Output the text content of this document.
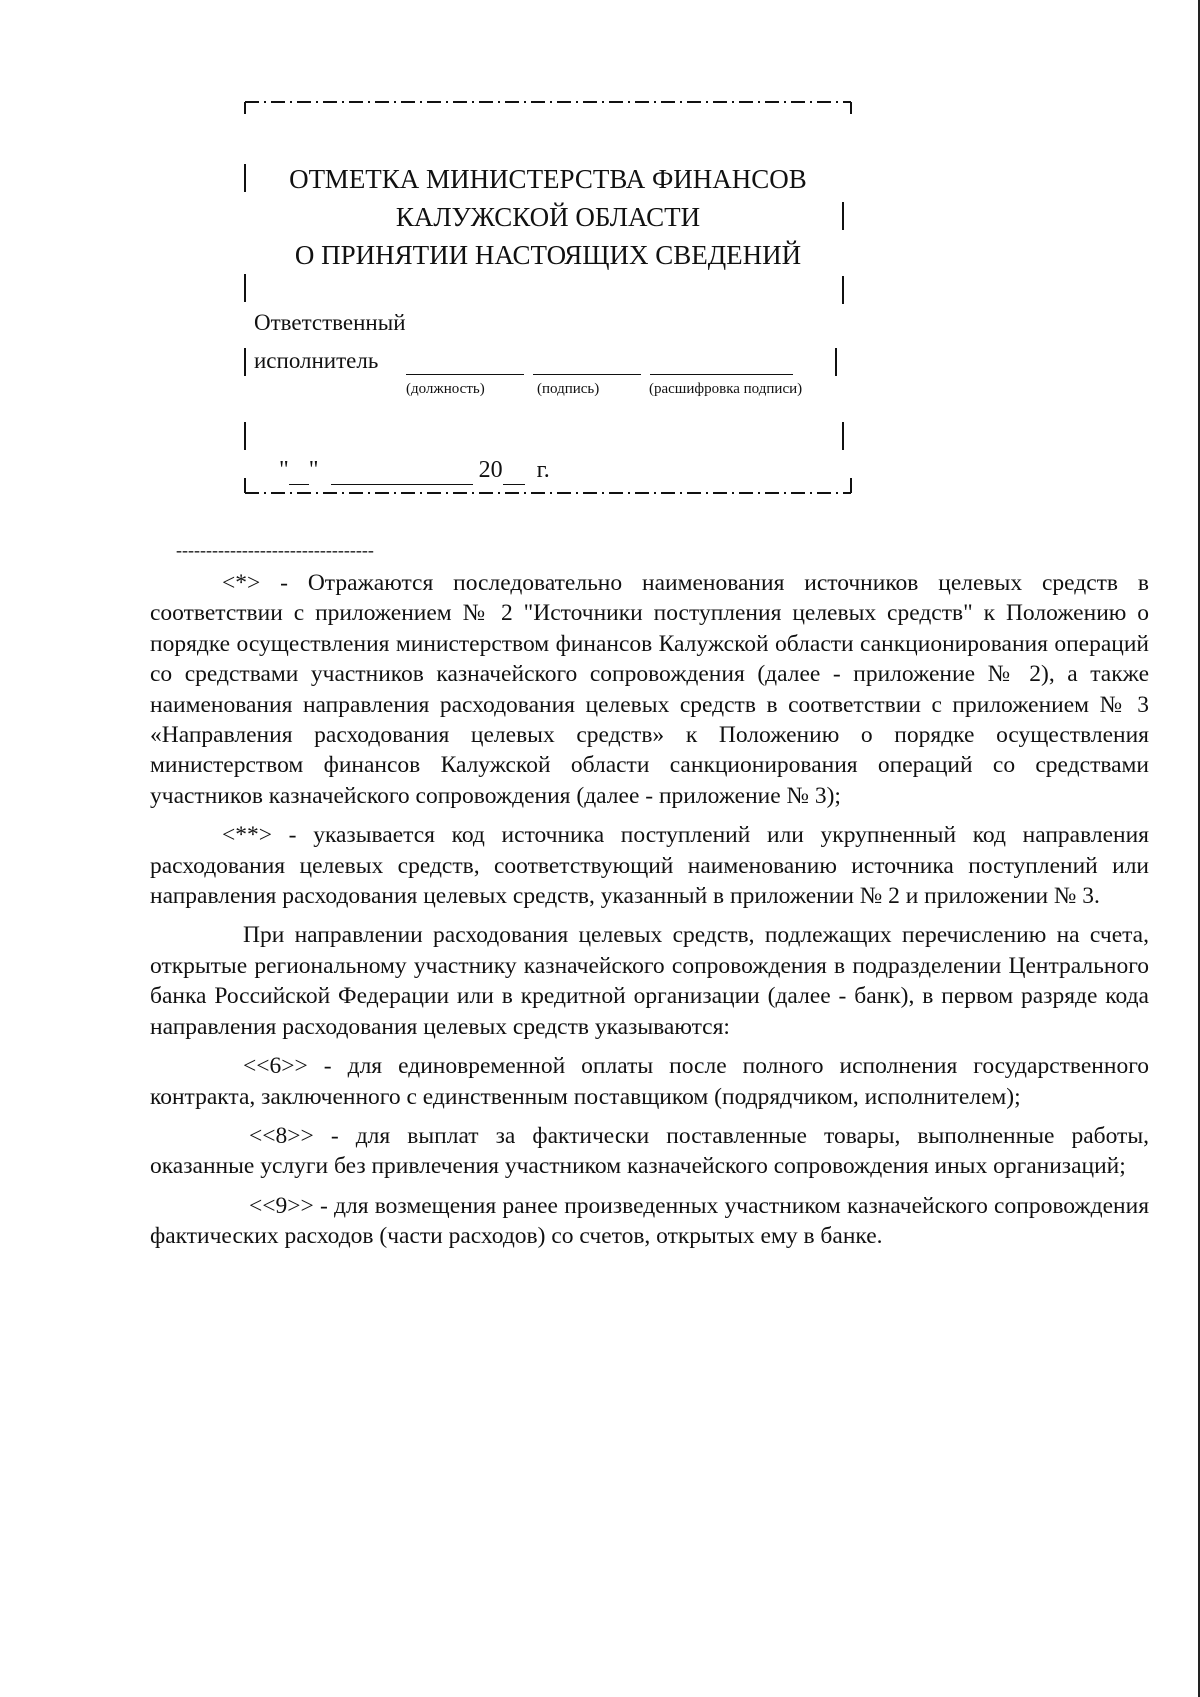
ОТМЕТКА МИНИСТЕРСТВА ФИНАНСОВ
КАЛУЖСКОЙ ОБЛАСТИ
О ПРИНЯТИИ НАСТОЯЩИХ СВЕДЕНИЙ
Ответственный
исполнитель
(должность)	(подпись)	(расшифровка подписи)
" "	20 г.
---------------------------------

<*> - Отражаются последовательно наименования источников целевых средств в соответствии с приложением № 2 "Источники поступления целевых средств" к Положению о порядке осуществления министерством финансов Калужской области санкционирования операций со средствами участников казначейского сопровождения (далее - приложение № 2), а также наименования направления расходования целевых средств в соответствии с приложением № 3 «Направления расходования целевых средств» к Положению о порядке осуществления министерством финансов Калужской области санкционирования операций со средствами участников казначейского сопровождения (далее - приложение № 3);

<**> - указывается код источника поступлений или укрупненный код направления расходования целевых средств, соответствующий наименованию источника поступлений или направления расходования целевых средств, указанный в приложении № 2 и приложении № 3.

При направлении расходования целевых средств, подлежащих перечислению на счета, открытые региональному участнику казначейского сопровождения в подразделении Центрального банка Российской Федерации или в кредитной организации (далее - банк), в первом разряде кода направления расходования целевых средств указываются:

<<6>> - для единовременной оплаты после полного исполнения государственного контракта, заключенного с единственным поставщиком (подрядчиком, исполнителем);

<<8>> - для выплат за фактически поставленные товары, выполненные работы, оказанные услуги без привлечения участником казначейского сопровождения иных организаций;

<<9>> - для возмещения ранее произведенных участником казначейского сопровождения фактических расходов (части расходов) со счетов, открытых ему в банке.
